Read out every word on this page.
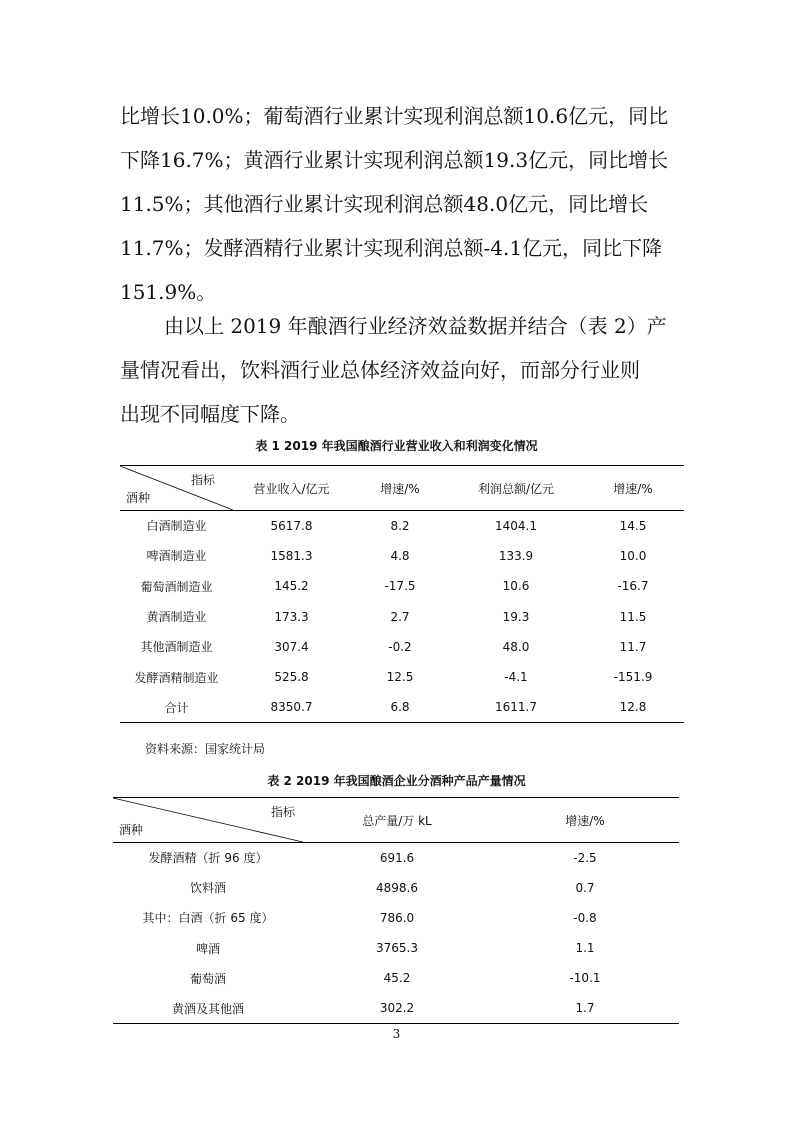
比增长10.0%；葡萄酒行业累计实现利润总额10.6亿元，同比
下降16.7%；黄酒行业累计实现利润总额19.3亿元，同比增长
11.5%；其他酒行业累计实现利润总额48.0亿元，同比增长
11.7%；发酵酒精行业累计实现利润总额-4.1亿元，同比下降
151.9%。
由以上 2019 年酿酒行业经济效益数据并结合（表 2）产
量情况看出，饮料酒行业总体经济效益向好，而部分行业则
出现不同幅度下降。
表 1 2019 年我国酿酒行业营业收入和利润变化情况
指标
酒种	营业收入/亿元	增速/%	利润总额/亿元	增速/%
白酒制造业	5617.8	8.2	1404.1	14.5
啤酒制造业	1581.3	4.8	133.9	10.0
葡萄酒制造业	145.2	-17.5	10.6	-16.7
黄酒制造业	173.3	2.7	19.3	11.5
其他酒制造业	307.4	-0.2	48.0	11.7
发酵酒精制造业	525.8	12.5	-4.1	-151.9
合计	8350.7	6.8	1611.7	12.8
资料来源：国家统计局
表 2 2019 年我国酿酒企业分酒种产品产量情况
指标
酒种	总产量/万 kL	增速/%
发酵酒精（折 96 度）	691.6	-2.5
饮料酒	4898.6	0.7
其中：白酒（折 65 度）	786.0	-0.8
啤酒	3765.3	1.1
葡萄酒	45.2	-10.1
黄酒及其他酒	302.2	1.7
3
